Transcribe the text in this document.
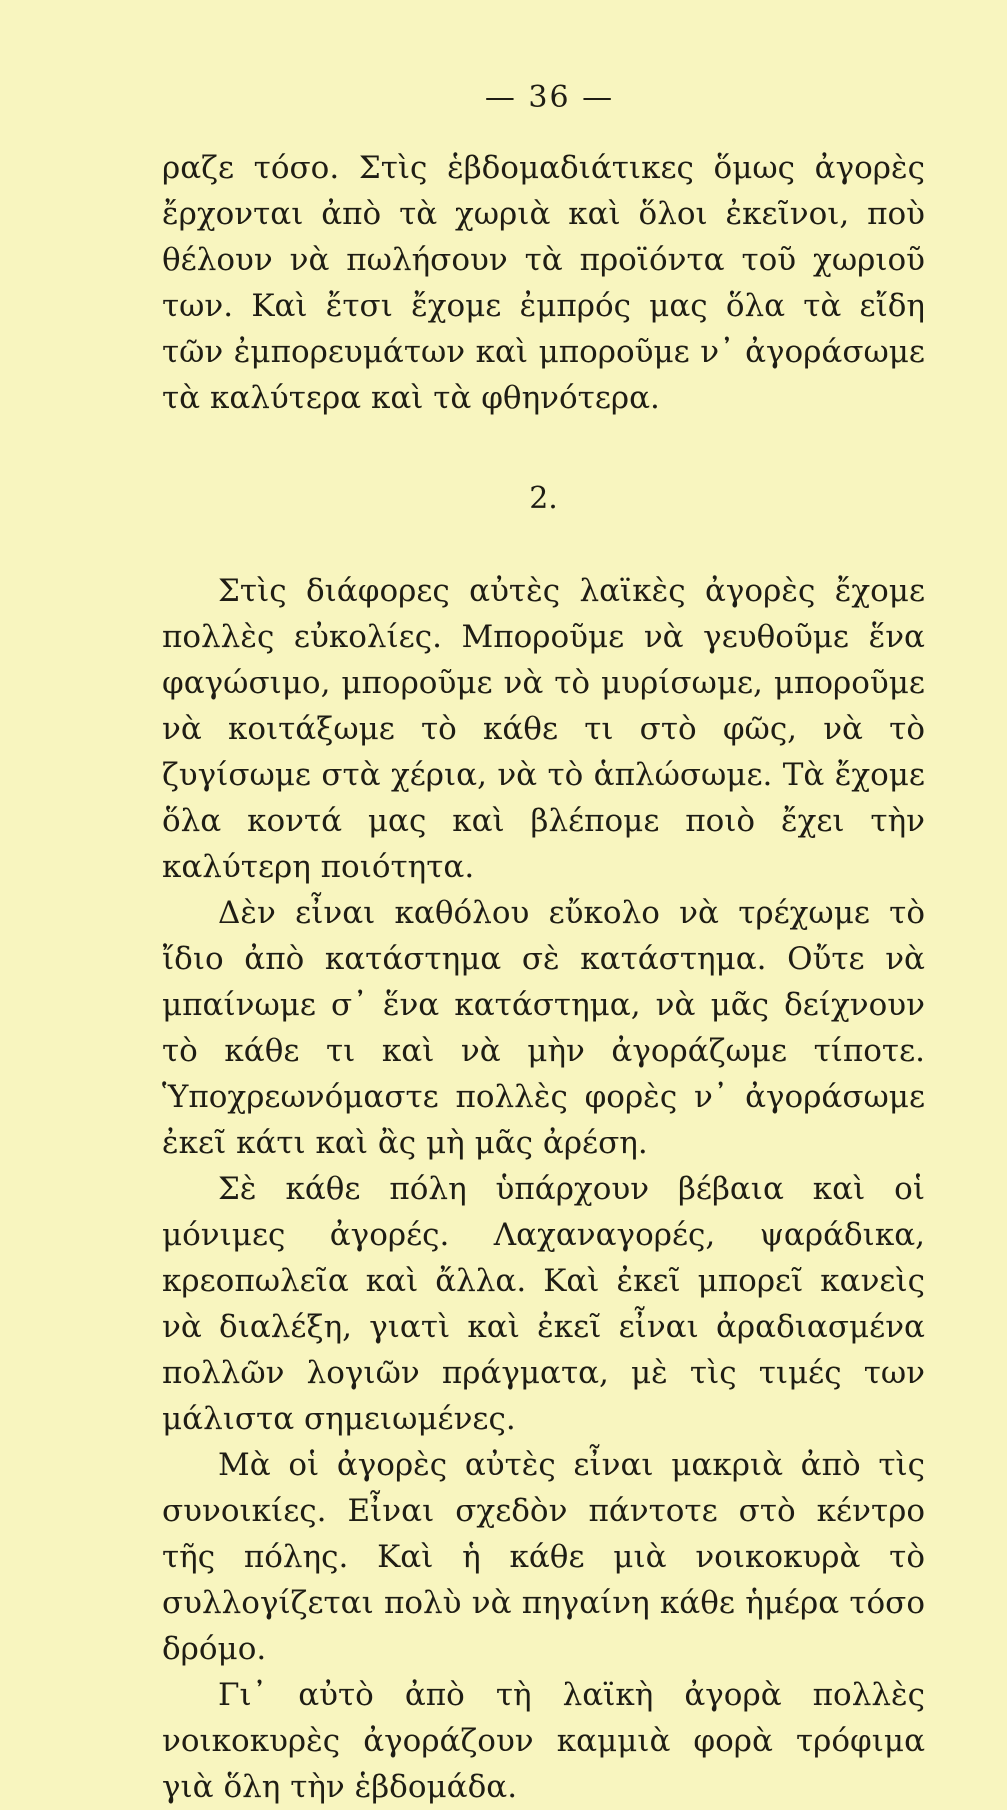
— 36 —

ραζε τόσο. Στὶς ἑβδομαδιάτικες ὅμως ἀγορὲς ἔρχονται ἀπὸ τὰ χωριὰ καὶ ὅλοι ἐκεῖνοι, ποὺ θέλουν νὰ πωλήσουν τὰ προϊόντα τοῦ χωριοῦ των. Καὶ ἔτσι ἔχομε ἐμπρός μας ὅλα τὰ εἴδη τῶν ἐμπορευμάτων καὶ μποροῦμε ν᾿ ἀγοράσωμε τὰ καλύτερα καὶ τὰ φθηνότερα.

2.

Στὶς διάφορες αὐτὲς λαϊκὲς ἀγορὲς ἔχομε πολλὲς εὐκολίες. Μποροῦμε νὰ γευθοῦμε ἕνα φαγώσιμο, μποροῦμε νὰ τὸ μυρίσωμε, μποροῦμε νὰ κοιτάξωμε τὸ κάθε τι στὸ φῶς, νὰ τὸ ζυγίσωμε στὰ χέρια, νὰ τὸ ἁπλώσωμε. Τὰ ἔχομε ὅλα κοντά μας καὶ βλέπομε ποιὸ ἔχει τὴν καλύτερη ποιότητα.

Δὲν εἶναι καθόλου εὔκολο νὰ τρέχωμε τὸ ἴδιο ἀπὸ κατάστημα σὲ κατάστημα. Οὔτε νὰ μπαίνωμε σ᾿ ἕνα κατάστημα, νὰ μᾶς δείχνουν τὸ κάθε τι καὶ νὰ μὴν ἀγοράζωμε τίποτε. Ὑποχρεωνόμαστε πολλὲς φορὲς ν᾿ ἀγοράσωμε ἐκεῖ κάτι καὶ ἂς μὴ μᾶς ἀρέση.

Σὲ κάθε πόλη ὑπάρχουν βέβαια καὶ οἱ μόνιμες ἀγορές. Λαχαναγορές, ψαράδικα, κρεοπωλεῖα καὶ ἄλλα. Καὶ ἐκεῖ μπορεῖ κανεὶς νὰ διαλέξη, γιατὶ καὶ ἐκεῖ εἶναι ἀραδιασμένα πολλῶν λογιῶν πράγματα, μὲ τὶς τιμές των μάλιστα σημειωμένες.

Μὰ οἱ ἀγορὲς αὐτὲς εἶναι μακριὰ ἀπὸ τὶς συνοικίες. Εἶναι σχεδὸν πάντοτε στὸ κέντρο τῆς πόλης. Καὶ ἡ κάθε μιὰ νοικοκυρὰ τὸ συλλογίζεται πολὺ νὰ πηγαίνη κάθε ἡμέρα τόσο δρόμο.

Γι᾿ αὐτὸ ἀπὸ τὴ λαϊκὴ ἀγορὰ πολλὲς νοικοκυρὲς ἀγοράζουν καμμιὰ φορὰ τρόφιμα γιὰ ὅλη τὴν ἑβδομάδα.
